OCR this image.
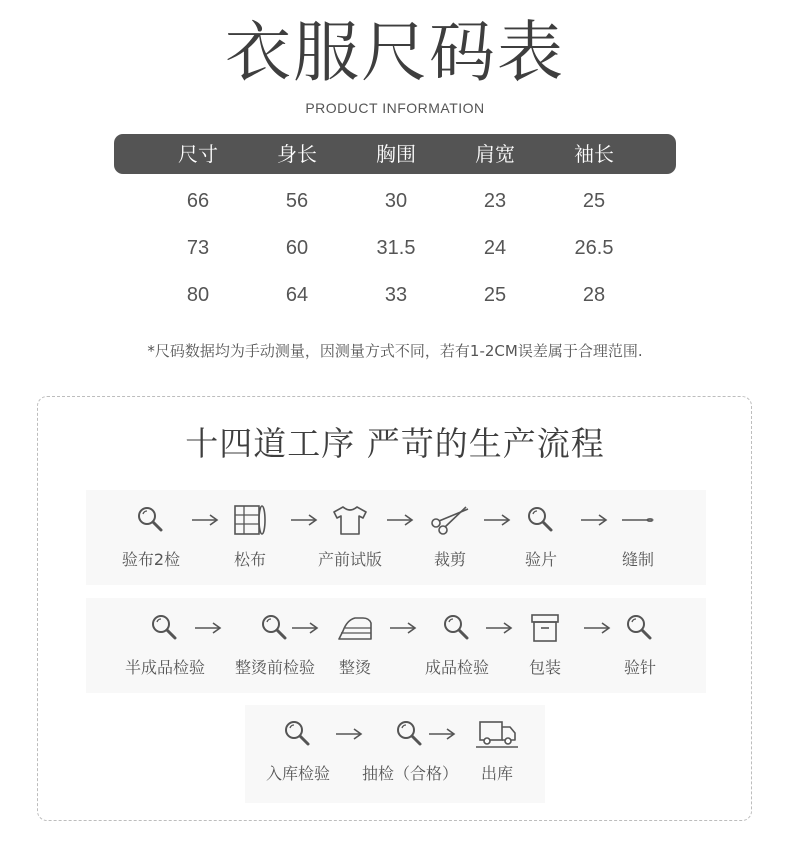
衣服尺码表
PRODUCT INFORMATION
尺寸	身长	胸围	肩宽	袖长
66	56	30	23	25
73	60	31.5	24	26.5
80	64	33	25	28
*尺码数据均为手动测量，因测量方式不同，若有1-2CM误差属于合理范围.
十四道工序 严苛的生产流程
验布2检	松布	产前试版	裁剪	验片	缝制
半成品检验	整烫前检验	整烫	成品检验	包装	验针
入库检验	抽检（合格）	出库
